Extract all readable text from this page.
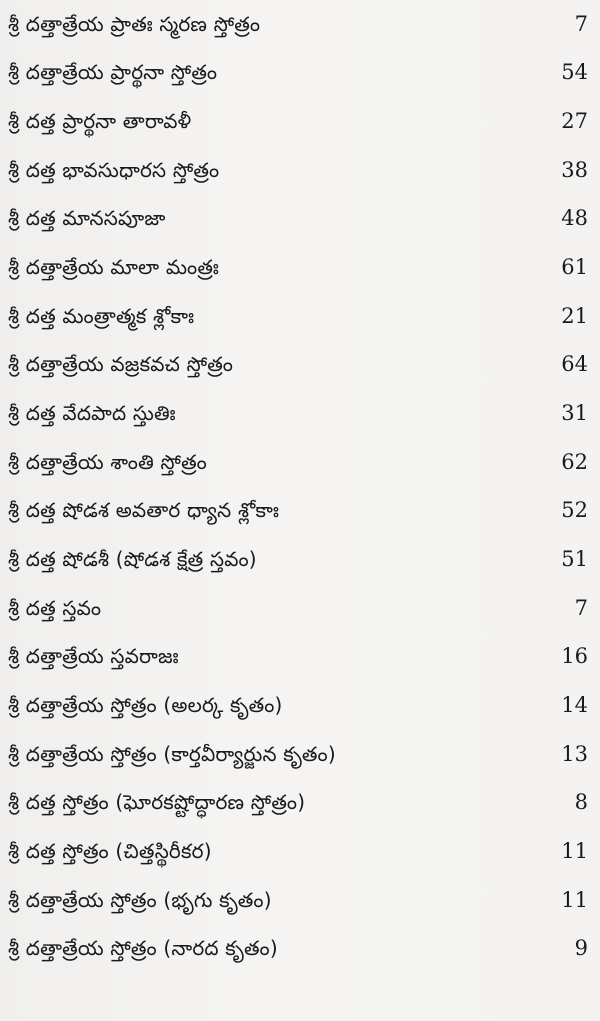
శ్రీ దత్తాత్రేయ ప్రాతః స్మరణ స్తోత్రం	7
శ్రీ దత్తాత్రేయ ప్రార్థనా స్తోత్రం	54
శ్రీ దత్త ప్రార్థనా తారావళీ	27
శ్రీ దత్త భావసుధారస స్తోత్రం	38
శ్రీ దత్త మానసపూజా	48
శ్రీ దత్తాత్రేయ మాలా మంత్రః	61
శ్రీ దత్త మంత్రాత్మక శ్లోకాః	21
శ్రీ దత్తాత్రేయ వజ్రకవచ స్తోత్రం	64
శ్రీ దత్త వేదపాద స్తుతిః	31
శ్రీ దత్తాత్రేయ శాంతి స్తోత్రం	62
శ్రీ దత్త షోడశ అవతార ధ్యాన శ్లోకాః	52
శ్రీ దత్త షోడశీ (షోడశ క్షేత్ర స్తవం)	51
శ్రీ దత్త స్తవం	7
శ్రీ దత్తాత్రేయ స్తవరాజః	16
శ్రీ దత్తాత్రేయ స్తోత్రం (అలర్క కృతం)	14
శ్రీ దత్తాత్రేయ స్తోత్రం (కార్తవీర్యార్జున కృతం)	13
శ్రీ దత్త స్తోత్రం (ఘోరకష్టోద్ధారణ స్తోత్రం)	8
శ్రీ దత్త స్తోత్రం (చిత్తస్థిరీకర)	11
శ్రీ దత్తాత్రేయ స్తోత్రం (భృగు కృతం)	11
శ్రీ దత్తాత్రేయ స్తోత్రం (నారద కృతం)	9
